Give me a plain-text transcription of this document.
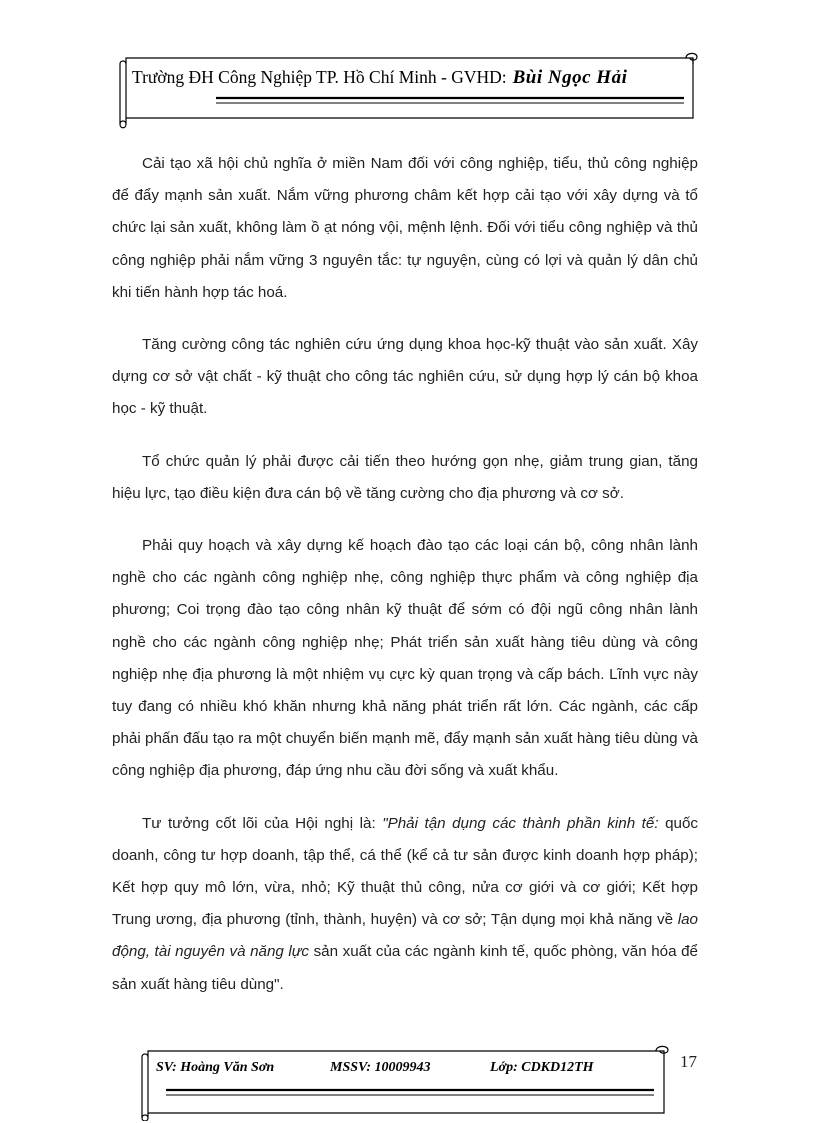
Trường ĐH Công Nghiệp TP. Hồ Chí Minh - GVHD: Bùi Ngọc Hải

Cải tạo xã hội chủ nghĩa ở miền Nam đối với công nghiệp, tiểu, thủ công nghiệp để đẩy mạnh sản xuất. Nắm vững phương châm kết hợp cải tạo với xây dựng và tổ chức lại sản xuất, không làm ồ ạt nóng vội, mệnh lệnh. Đối với tiểu công nghiệp và thủ công nghiệp phải nắm vững 3 nguyên tắc: tự nguyện, cùng có lợi và quản lý dân chủ khi tiến hành hợp tác hoá.

Tăng cường công tác nghiên cứu ứng dụng khoa học-kỹ thuật vào sản xuất. Xây dựng cơ sở vật chất - kỹ thuật cho công tác nghiên cứu, sử dụng hợp lý cán bộ khoa học - kỹ thuật.

Tổ chức quản lý phải được cải tiến theo hướng gọn nhẹ, giảm trung gian, tăng hiệu lực, tạo điều kiện đưa cán bộ về tăng cường cho địa phương và cơ sở.

Phải quy hoạch và xây dựng kế hoạch đào tạo các loại cán bộ, công nhân lành nghề cho các ngành công nghiệp nhẹ, công nghiệp thực phẩm và công nghiệp địa phương; Coi trọng đào tạo công nhân kỹ thuật để sớm có đội ngũ công nhân lành nghề cho các ngành công nghiệp nhẹ; Phát triển sản xuất hàng tiêu dùng và công nghiệp nhẹ địa phương là một nhiệm vụ cực kỳ quan trọng và cấp bách. Lĩnh vực này tuy đang có nhiều khó khăn nhưng khả năng phát triển rất lớn. Các ngành, các cấp phải phấn đấu tạo ra một chuyển biến mạnh mẽ, đẩy mạnh sản xuất hàng tiêu dùng và công nghiệp địa phương, đáp ứng nhu cầu đời sống và xuất khẩu.

Tư tưởng cốt lõi của Hội nghị là: "Phải tận dụng các thành phần kinh tế: quốc doanh, công tư hợp doanh, tập thể, cá thể (kể cả tư sản được kinh doanh hợp pháp); Kết hợp quy mô lớn, vừa, nhỏ; Kỹ thuật thủ công, nửa cơ giới và cơ giới; Kết hợp Trung ương, địa phương (tỉnh, thành, huyện) và cơ sở; Tận dụng mọi khả năng về lao động, tài nguyên và năng lực sản xuất của các ngành kinh tế, quốc phòng, văn hóa để sản xuất hàng tiêu dùng".

SV: Hoàng Văn Sơn	MSSV: 10009943	Lớp: CDKD12TH	17
